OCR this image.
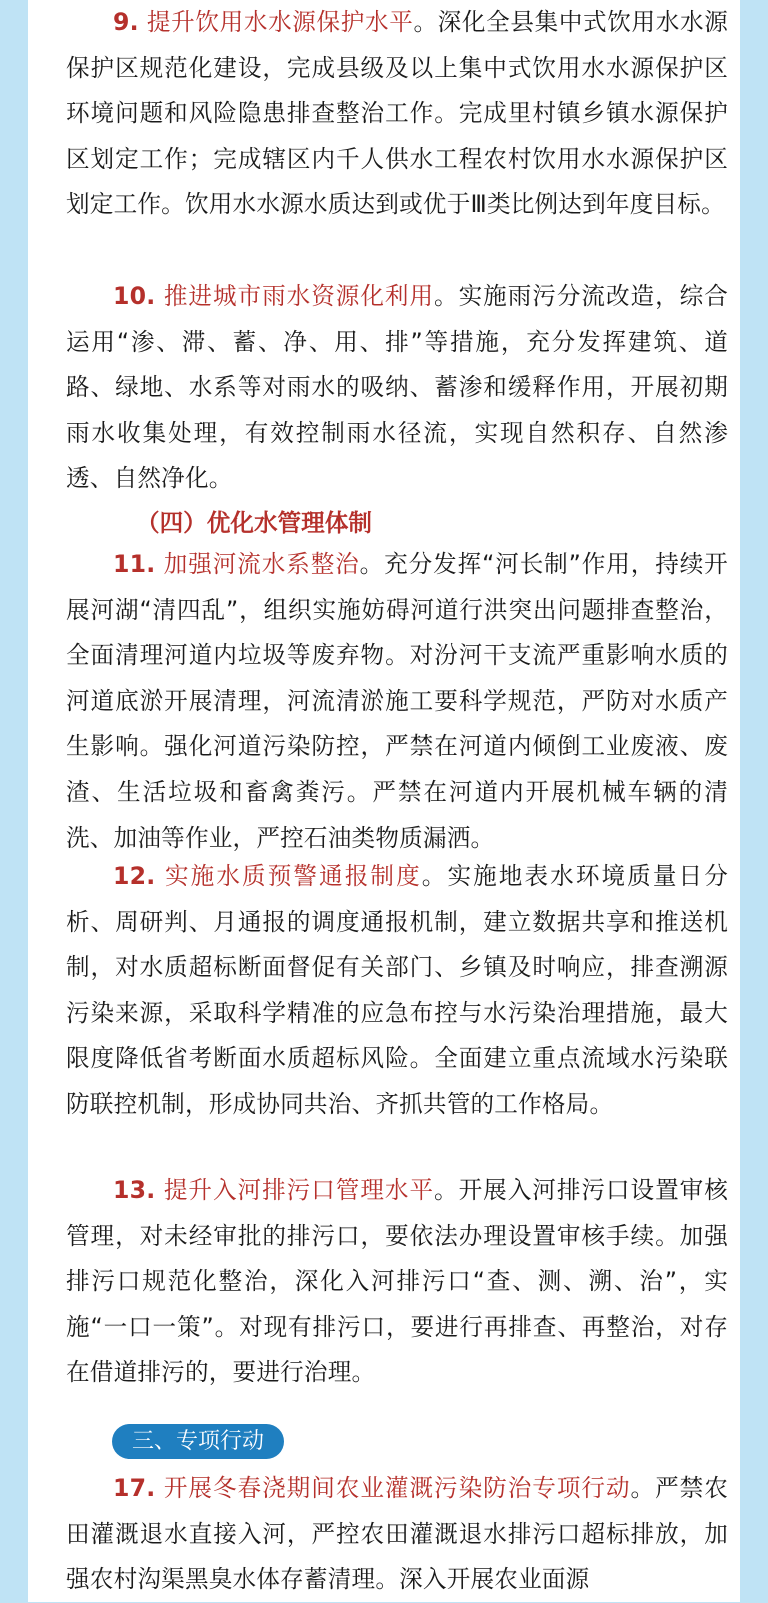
9. 提升饮用水水源保护水平。深化全县集中式饮用水水源保护区规范化建设，完成县级及以上集中式饮用水水源保护区环境问题和风险隐患排查整治工作。完成里村镇乡镇水源保护区划定工作；完成辖区内千人供水工程农村饮用水水源保护区划定工作。饮用水水源水质达到或优于Ⅲ类比例达到年度目标。
10. 推进城市雨水资源化利用。实施雨污分流改造，综合运用“渗、滞、蓄、净、用、排”等措施，充分发挥建筑、道路、绿地、水系等对雨水的吸纳、蓄渗和缓释作用，开展初期雨水收集处理，有效控制雨水径流，实现自然积存、自然渗透、自然净化。
（四）优化水管理体制
11. 加强河流水系整治。充分发挥“河长制”作用，持续开展河湖“清四乱”，组织实施妨碍河道行洪突出问题排查整治，全面清理河道内垃圾等废弃物。对汾河干支流严重影响水质的河道底淤开展清理，河流清淤施工要科学规范，严防对水质产生影响。强化河道污染防控，严禁在河道内倾倒工业废液、废渣、生活垃圾和畜禽粪污。严禁在河道内开展机械车辆的清洗、加油等作业，严控石油类物质漏洒。
12. 实施水质预警通报制度。实施地表水环境质量日分析、周研判、月通报的调度通报机制，建立数据共享和推送机制，对水质超标断面督促有关部门、乡镇及时响应，排查溯源污染来源，采取科学精准的应急布控与水污染治理措施，最大限度降低省考断面水质超标风险。全面建立重点流域水污染联防联控机制，形成协同共治、齐抓共管的工作格局。
13. 提升入河排污口管理水平。开展入河排污口设置审核管理，对未经审批的排污口，要依法办理设置审核手续。加强排污口规范化整治，深化入河排污口“查、测、溯、治”，实施“一口一策”。对现有排污口，要进行再排查、再整治，对存在借道排污的，要进行治理。
三、专项行动
17. 开展冬春浇期间农业灌溉污染防治专项行动。严禁农田灌溉退水直接入河，严控农田灌溉退水排污口超标排放，加强农村沟渠黑臭水体存蓄清理。深入开展农业面源
